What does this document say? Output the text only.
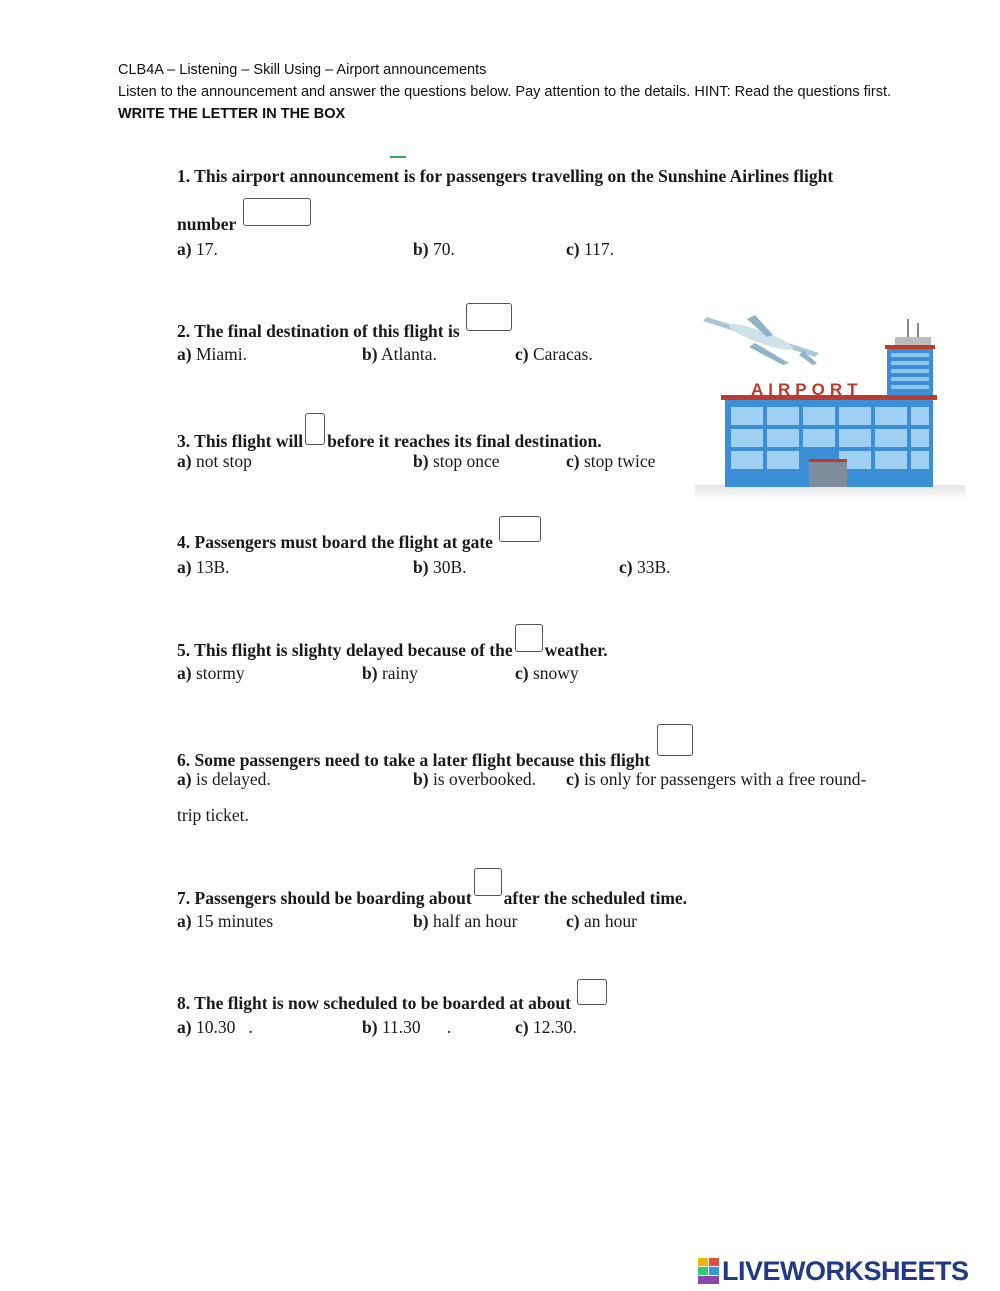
CLB4A – Listening – Skill Using – Airport announcements
Listen to the announcement and answer the questions below. Pay attention to the details. HINT: Read the questions first. WRITE THE LETTER IN THE BOX
1. This airport announcement is for passengers travelling on the Sunshine Airlines flight
number
a) 17.	b) 70.	c) 117.
2. The final destination of this flight is
a) Miami.	b) Atlanta.	c) Caracas.
3. This flight will before it reaches its final destination.
a) not stop	b) stop once	c) stop twice
AIRPORT
4. Passengers must board the flight at gate
a) 13B.	b) 30B.	c) 33B.
5. This flight is slighty delayed because of the weather.
a) stormy	b) rainy	c) snowy
6. Some passengers need to take a later flight because this flight
a) is delayed.	b) is overbooked. c) is only for passengers with a free round-
trip ticket.
7. Passengers should be boarding about after the scheduled time.
a) 15 minutes	b) half an hour	c) an hour
8. The flight is now scheduled to be boarded at about
a) 10.30   .	b) 11.30      .	c) 12.30.
LIVEWORKSHEETS
